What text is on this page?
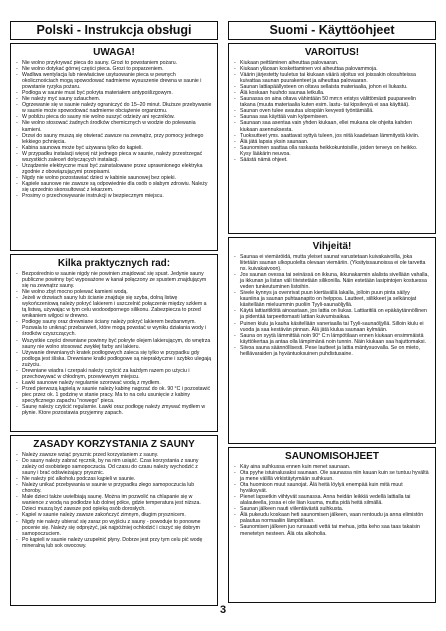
Polski - Instrukcja obsługi
UWAGA!
- Nie wolno przykrywać pieca do sauny. Grozi to powstaniem pożaru.
- Nie wolno dotykać górnej części pieca. Grozi to poparzeniem.
- Wadliwa wentylacja lub niewłaściwe usytuowanie pieca w pewnych okolicznościach mogą spowodować nadmierne wysuszenie drewna w saunie i powstanie ryzyka pożaru.
- Podłoga w saunie musi być pokryta materiałem antypoślizgowym.
- Nie należy myć sauny szlauchem.
- Ogrzewanie się w saunie należy ograniczyć do 15–20 minut. Dłuższe przebywanie w saunie może spowodować nadmierne obciążenie organizmu.
- W pobliżu pieca do sauny nie wolno suszyć odzieży ani ręczników.
- Nie wolno stosować żadnych środków chemicznych w wodzie do polewania kamieni.
- Drzwi do sauny muszą się otwierać zawsze na zewnątrz, przy pomocy jednego lekkiego pchnięcia.
- Kabina saunowa może być używana tylko do kąpieli.
- W przypadku instalacji więcej niż jednego pieca w saunie, należy przestrzegać wszystkich zaleceń dotyczących instalacji.
- Urządzenie elektryczne musi być zainstalowane przez uprawnionego elektryka zgodnie z obowiązującymi przepisami.
- Nigdy nie wolno pozostawiać dzieci w kabinie saunowej bez opieki.
- Kąpiele saunowe nie zawsze są odpowiednie dla osób o słabym zdrowiu. Należy się uprzednio skonsultować z lekarzem.
- Prosimy o przechowywanie instrukcji w bezpiecznym miejscu.
Kilka praktycznych rad:
- Bezpośrednio w saunie nigdy nie powinien znajdować się spust. Jedynie sauny publiczne powinny być wyposażone w kanał połączony ze spustem znajdującym się na zewnątrz sauny.
- Nie wolno zbyt mocno polewać kamieni wodą.
- Jeżeli w drzwiach sauny lub ścianie znajduje się szyba, dolną listwę wykończeniową należy pokryć lakierem i uszczelnić połączenie między szkłem a tą listwą, używając w tym celu wodoodpornego silikonu. Zabezpiecza to przed wnikaniem wilgoci w drewno.
- Podłogę sauny oraz drewniane ściany należy pokryć lakierem bezbarwnym. Pozwala to uniknąć przebarwień, które mogą powstać w wyniku działania wody i środków czyszczących.
- Wszystkie części drewniane powinny być pokryte olejem lakierującym, do wnętrza sauny nie wolno stosować zwykłej farby ani lakieru.
- Używanie drewnianych kratek podłogowych zaleca się tylko w przypadku gdy podłoga jest śliska. Drewniane kratki podłogowe są niepraktyczne i szybko ulegają zużyciu.
- Drewniane wiadra i czerpaki należy czyścić za każdym razem po użyciu i przechowywać w chłodnym, przewiewnym miejscu.
- Ławki saunowe należy regularnie szorować wodą z mydłem.
- Przed pierwszą kąpielą w saunie należy kabinę nagrzać do ok. 90 °C i pozostawić piec przez ok. 1 godzinę w stanie pracy. Ma to na celu usunięcie z kabiny specyficznego zapachu "nowego" pieca.
- Saunę należy czyścić regularnie. Ławki oraz podłogę należy zmywać mydłem w płynie. Ktore pozostawia przyjemny zapach.
ZASADY KORZYSTANIA Z SAUNY
- Należy zawsze wziąć prysznic przed korzystaniem z sauny.
- Do sauny należy zabrać ręcznik, by na nim usiąść. Czas korzystania z sauny zależy od osobistego samopoczucia. Od czasu do czasu należy wychodzić z sauny i brać odświeżający prysznic.
- Nie należy pić alkoholu podczas kąpieli w saunie.
- Należy unikać przebywania w saunie w przypadku złego samopoczucia lub choroby.
- Małe dzieci także uwielbiają saunę. Można im pozwolić na chlapanie się w wanience z wodą na podłodze lub dolnej półce, gdzie temperatura jest niższa. Dzieci muszą być zawsze pod opieką osób dorosłych.
- Kąpiel w saunie należy zawsze zakończyć zimnym, długim prysznicem.
- Nigdy nie należy ubierać się zaraz po wyjściu z sauny - powoduje to ponowne pocenie się. Należy się odprężyć, jak najpóźniej ochłodzić i ciszyć się dobrym samopoczuciem.
- Po kąpieli w saunie należy uzupełnić płyny. Dobrze jest przy tym celu pić wodę mineralną lub sok owocowy.
Suomi - Käyttöohjeet
VAROITUS!
- Kiukaan peittäminen aiheuttaa palovaaran.
- Kiukaan yläosan koskettaminen voi aiheuttaa palovammoja.
- Väärin järjestetty tuuletus tai kiukaan väärä sijoitus voi joissakin olosuhteissa kuivattaa saunan puurakenteet ja aiheuttaa palovaaran.
- Saunan lattiapäällysteen on oltava sellaista materiaalia, johon ei liukastu.
- Älä koskaan huuhdo saunaa letkulla.
- Saunassa on aina oltava vähintään 50 mm:n eristys välittömästi puupaneelin takana (muuta materiaalia kuten esim. lastu- tai kipsilevyä ei saa käyttää).
- Saunan oven tulee avautua ulospäin kevyesti työntämällä.
- Saunaa saa käyttää vain kylpemiseen.
- Saunaan saa asentaa vain yhden kiukaan, ellei mukana ole ohjeita kahden kiukaan asennuksesta.
- Tuoksutteet yms. saattavat syttyä tuleen, jos niitä kaadetaan lämmitystä kiviin.
- Älä jätä lapsia yksin saunaan.
- Saunominen saattaa olla raskasta heikkokuntoisille, joiden terveys on heikko. Kysy lääkärin neuvoa.
- Säästä nämä ohjeet.
Vihjeitä!
- Saunaa ei viemäröidä, mutta yleiset saunat varustetaan kuivakaivoilla, joka liitetään saunan ulkopuolelta olevaan viemäriin. (Yksityissaunoissa ei ole tarvetta ns. kuivakaivoon).
- Jos saunan ovessa tai seinässä on ikkuna, ikkunakarmin alalista sivellään vahalla, ja ikkunan ja listan väli tiivistetään silikonilla. Näin estetään lasipintojen kostuessa veden tunkeutuminen listoihin.
- Sivele kynnys ja ovenrivat puun kiertävällä lakalla, jolloin puun pinta säilyy kauniina ja saunan puhtaanapito on helppoa. Lautteet, siilikkeet ja selkänojat käsitellään mieluummin puoliin Tyyli-saunaöljyllä.
- Käytä lattiaritilöitä ainoastaan, jos lattia on liukas. Lattiaritilä on epäkäytännöllinen ja pidentää tarpeettomasti lattian kuivumisaikaa.
- Puinen kiulu ja kauha käsitellään vaneriaalla tai Tyyli-saunaöljyllä. Silloin kiulu ei vuoda ja saa kestävän pinnan. Älä jätä kiulua saunaan kylmään.
- Sauna on syytä lämmittää noin 90° C:n lämpötilaan ennen kiukaan ensimmäistä käyttökertaa ja antaa olla lämpimänä noin tunnin. Näin kiukaan saa hajuttomaksi.
- Siivoa sauna säännöllisesti. Pese lautteet ja lattia mäntysuovalla. Se on mieto, heillävaraiden ja hyväntuoksuinen puhdistusaine.
SAUNOMISOHJEET
- Käy aina suihkussa ennen kuin menet saunaan.
- Ota pyyhe istuinalusaksi saunaan. Ole saunassa niin kauan kuin se tuntuu hyvältä ja mene välillä virkistäytymään suihkuun.
- Ota huomioon muut saunojat. Älä heitä löylyä enempää kuin mitä muut hyväksyvät.
- Pienet lapsetkin viihtyvät saunassa. Anna heidän leikkiä vedellä lattialla tai alalauteella, jossa ei ole liian kuuma, mutta pidä heitä silmällä.
- Saunan jälkeen nauti viilentävästä suihkusta.
- Älä pukeudu koskaan heti saunomisen jälkeen, vaan rentoudu ja anna elimistön palautua normaaliin lämpötilaan.
- Saunomisen jälkeen juo runsaasti vettä tai mehua, jotta keho saa taas takaisin menetetyn nesteen. Älä ota alkoholia.
3
